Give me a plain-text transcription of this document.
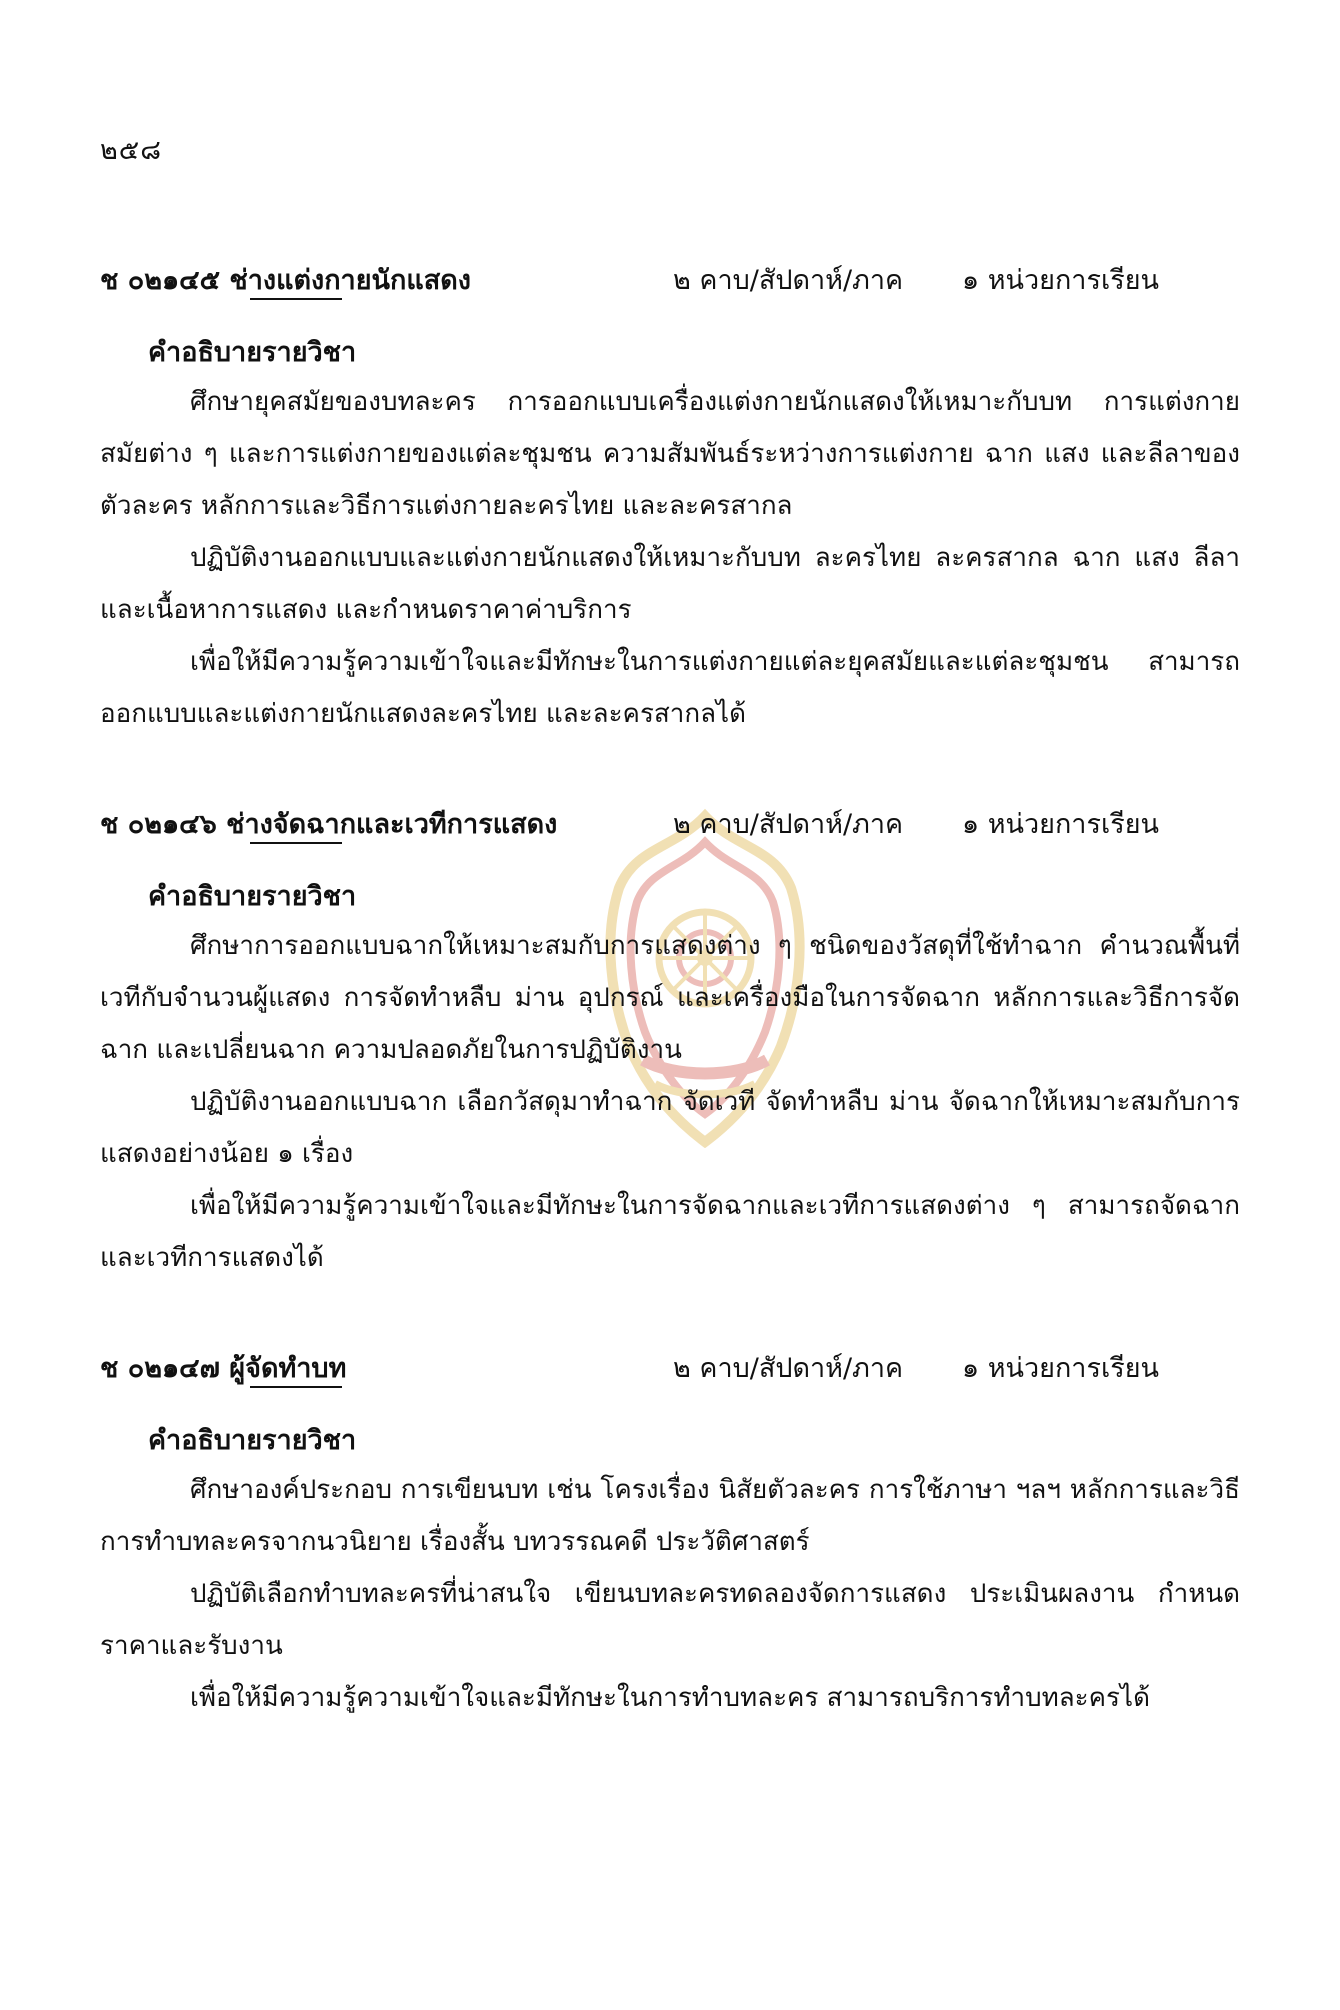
๒๕๘
ช ๐๒๑๔๕ ช่างแต่งกายนักแสดง	๒ คาบ/สัปดาห์/ภาค ๑ หน่วยการเรียน
คำอธิบายรายวิชา

ศึกษายุคสมัยของบทละคร การออกแบบเครื่องแต่งกายนักแสดงให้เหมาะกับบท การแต่งกายสมัยต่าง ๆ และการแต่งกายของแต่ละชุมชน ความสัมพันธ์ระหว่างการแต่งกาย ฉาก แสง และลีลาของตัวละคร หลักการและวิธีการแต่งกายละครไทย และละครสากล

ปฏิบัติงานออกแบบและแต่งกายนักแสดงให้เหมาะกับบท ละครไทย ละครสากล ฉาก แสง ลีลา และเนื้อหาการแสดง และกำหนดราคาค่าบริการ

เพื่อให้มีความรู้ความเข้าใจและมีทักษะในการแต่งกายแต่ละยุคสมัยและแต่ละชุมชน สามารถออกแบบและแต่งกายนักแสดงละครไทย และละครสากลได้

ช ๐๒๑๔๖ ช่างจัดฉากและเวทีการแสดง	๒ คาบ/สัปดาห์/ภาค ๑ หน่วยการเรียน
คำอธิบายรายวิชา

ศึกษาการออกแบบฉากให้เหมาะสมกับการแสดงต่าง ๆ ชนิดของวัสดุที่ใช้ทำฉาก คำนวณพื้นที่เวทีกับจำนวนผู้แสดง การจัดทำหลืบ ม่าน อุปกรณ์ และเครื่องมือในการจัดฉาก หลักการและวิธีการจัดฉาก และเปลี่ยนฉาก ความปลอดภัยในการปฏิบัติงาน

ปฏิบัติงานออกแบบฉาก เลือกวัสดุมาทำฉาก จัดเวที จัดทำหลืบ ม่าน จัดฉากให้เหมาะสมกับการแสดงอย่างน้อย ๑ เรื่อง

เพื่อให้มีความรู้ความเข้าใจและมีทักษะในการจัดฉากและเวทีการแสดงต่าง ๆ สามารถจัดฉากและเวทีการแสดงได้

ช ๐๒๑๔๗ ผู้จัดทำบท	๒ คาบ/สัปดาห์/ภาค ๑ หน่วยการเรียน
คำอธิบายรายวิชา

ศึกษาองค์ประกอบ การเขียนบท เช่น โครงเรื่อง นิสัยตัวละคร การใช้ภาษา ฯลฯ หลักการและวิธีการทำบทละครจากนวนิยาย เรื่องสั้น บทวรรณคดี ประวัติศาสตร์

ปฏิบัติเลือกทำบทละครที่น่าสนใจ เขียนบทละครทดลองจัดการแสดง ประเมินผลงาน กำหนดราคาและรับงาน

เพื่อให้มีความรู้ความเข้าใจและมีทักษะในการทำบทละคร สามารถบริการทำบทละครได้
